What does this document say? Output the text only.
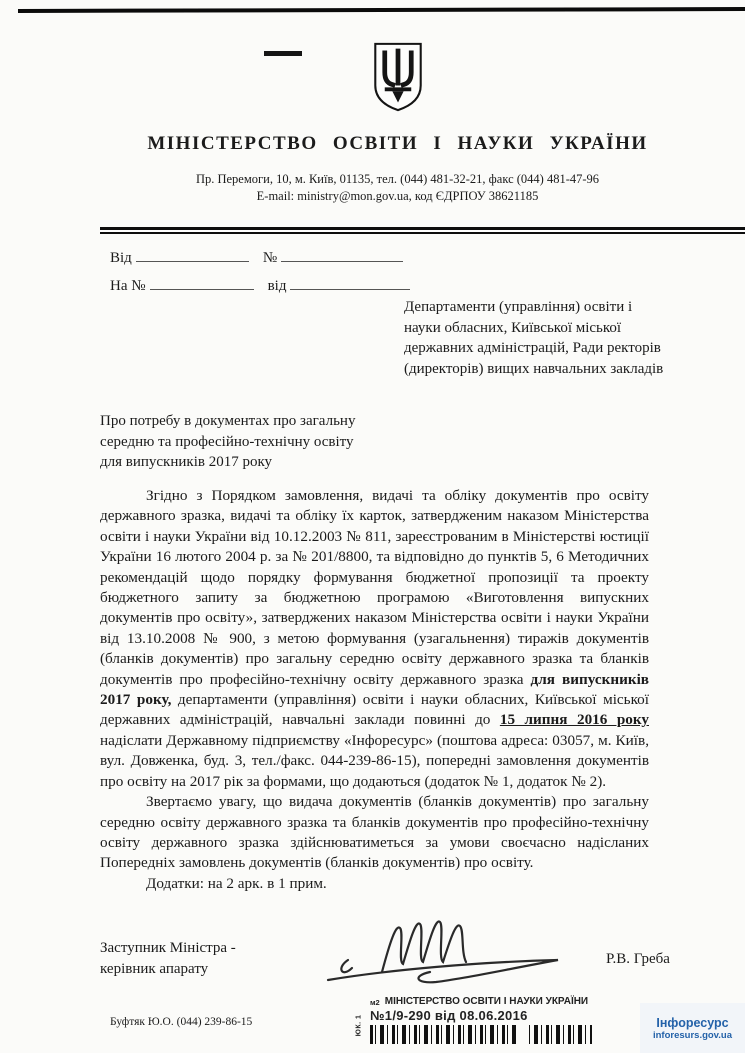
МІНІСТЕРСТВО ОСВІТИ І НАУКИ УКРАЇНИ
Пр. Перемоги, 10, м. Київ, 01135, тел. (044) 481-32-21, факс (044) 481-47-96
E-mail: ministry@mon.gov.ua, код ЄДРПОУ 38621185
Від	№
На №	від
Департаменти (управління) освіти і
науки обласних, Київської міської
державних адміністрацій, Ради ректорів
(директорів) вищих навчальних закладів
Про потребу в документах про загальну
середню та професійно-технічну освіту
для випускників 2017 року

Згідно з Порядком замовлення, видачі та обліку документів про освіту державного зразка, видачі та обліку їх карток, затвердженим наказом Міністерства освіти і науки України від 10.12.2003 № 811, зареєстрованим в Міністерстві юстиції України 16 лютого 2004 р. за № 201/8800, та відповідно до пунктів 5, 6 Методичних рекомендацій щодо порядку формування бюджетної пропозиції та проекту бюджетного запиту за бюджетною програмою «Виготовлення випускних документів про освіту», затверджених наказом Міністерства освіти і науки України від 13.10.2008 № 900, з метою формування (узагальнення) тиражів документів (бланків документів) про загальну середню освіту державного зразка та бланків документів про професійно-технічну освіту державного зразка для випускників 2017 року, департаменти (управління) освіти і науки обласних, Київської міської державних адміністрацій, навчальні заклади повинні до 15 липня 2016 року надіслати Державному підприємству «Інфоресурс» (поштова адреса: 03057, м. Київ, вул. Довженка, буд. 3, тел./факс. 044-239-86-15), попередні замовлення документів про освіту на 2017 рік за формами, що додаються (додаток № 1, додаток № 2).

Звертаємо увагу, що видача документів (бланків документів) про загальну середню освіту державного зразка та бланків документів про професійно-технічну освіту державного зразка здійснюватиметься за умови своєчасно надісланих Попередніх замовлень документів (бланків документів) про освіту.

Додатки: на 2 арк. в 1 прим.

Заступник Міністра -
керівник апарату
Р.В. Греба
Буфтяк Ю.О. (044) 239-86-15	ЮК. 1
м2 МІНІСТЕРСТВО ОСВІТИ І НАУКИ УКРАЇНИ
№1/9-290 від 08.06.2016	Інфоресурс
inforesurs.gov.ua
